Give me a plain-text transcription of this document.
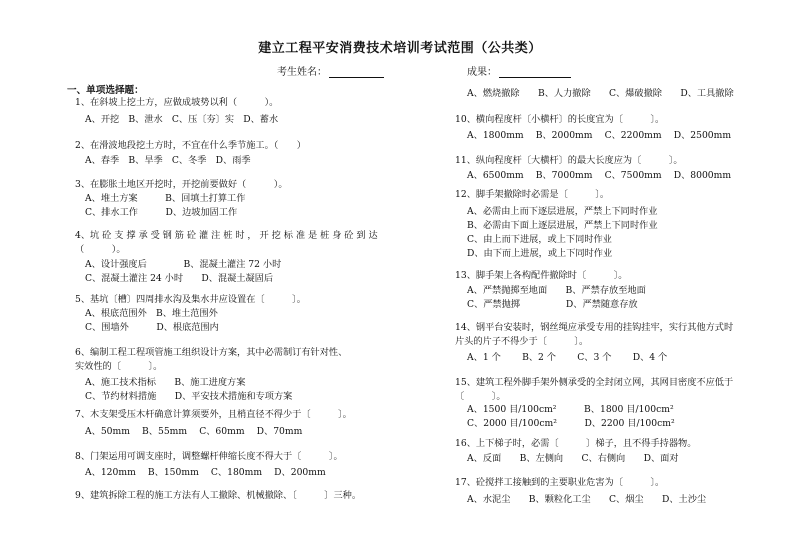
建立工程平安消费技术培训考试范围（公共类）
考生姓名：	成果：
一、单项选择题：
1、在斜坡上挖土方，应做成坡势以利（　　　）。
A、开挖　B、泄水　C、压〔夯〕实　D、蓄水
2、在滑波地段挖土方时，不宜在什么季节施工。（　　）
A、春季　B、旱季　C、冬季　D、雨季
3、在膨胀土地区开挖时，开挖前要做好（　　　）。
A、堆土方案　　　B、回填土打算工作
C、排水工作　　　D、边坡加固工作
4、坑 砼 支 撑 承 受 钢 筋 砼 灌 注 桩 时 ， 开 挖 标 准 是 桩 身 砼 到 达
（　　　）。
A、设计强度后　　　　B、混凝土灌注 72 小时
C、混凝土灌注 24 小时　　D、混凝土凝固后
5、基坑〔槽〕四周排水沟及集水井应设置在〔　　　〕。
A、根底范围外　B、堆土范围外
C、围墙外　　　D、根底范围内
6、编制工程工程项管施工组织设计方案，其中必需制订有针对性、
实效性的〔　　　〕。
A、施工技术指标　　B、施工进度方案
C、节约材料措施　　D、平安技术措施和专项方案
7、木支架受压木杆确意计算须要外，且梢直径不得少于〔　　　〕。
A、50mm　 B、55mm　 C、60mm　 D、70mm
8、门架运用可调支座时，调整螺杆伸缩长度不得大于〔　　　〕。
A、120mm　 B、150mm　 C、180mm　 D、200mm
9、建筑拆除工程的施工方法有人工撤除、机械撤除、〔　　　〕三种。
A、燃烧撤除　　B、人力撤除　　C、爆破撤除　　D、工具撤除
10、横向程度杆〔小横杆〕的长度宜为〔　　　〕。
A、1800mm　 B、2000mm　 C、2200mm　 D、2500mm
11、纵向程度杆〔大横杆〕的最大长度应为〔　　　〕。
A、6500mm　 B、7000mm　 C、7500mm　 D、8000mm
12、脚手架撤除时必需是〔　　　〕。
A、必需由上而下逐层进展，严禁上下同时作业
B、必需由下面上逐层进展，严禁上下同时作业
C、由上而下进展，或上下同时作业
D、由下而上进展，或上下同时作业
13、脚手架上各构配件撤除时〔　　　〕。
A、严禁抛掷至地面　　B、严禁存放至地面
C、严禁抛掷　　　　　D、严禁随意存放
14、钢平台安装时，钢丝绳应承受专用的挂钩挂牢，实行其他方式时
片头的片子不得少于〔　　　〕。
A、1 个　　 B、2 个　　 C、3 个　　 D、4 个
15、建筑工程外脚手架外侧承受的全封闭立网，其网目密度不应低于
〔　　　〕。
A、1500 目/100cm²　　　B、1800 目/100cm²
C、2000 目/100cm²　　　D、2200 目/100cm²
16、上下梯子时，必需〔　　　〕梯子，且不得手持器物。
A、反面　　B、左侧向　　C、右侧向　　D、面对
17、砼搅拌工接触到的主要职业危害为〔　　　〕。
A、水泥尘　　B、颗粒化工尘　　C、烟尘　　D、土沙尘
